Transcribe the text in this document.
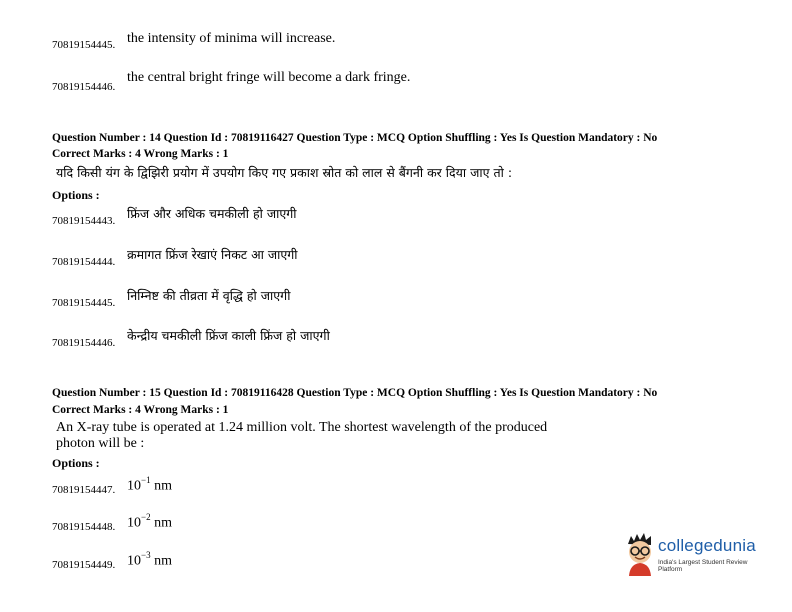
70819154445. the intensity of minima will increase.
70819154446.
the central bright fringe will become a dark fringe.
Question Number : 14 Question Id : 70819116427 Question Type : MCQ Option Shuffling : Yes Is Question Mandatory : No
Correct Marks : 4 Wrong Marks : 1
यदि किसी यंग के द्विझिरी प्रयोग में उपयोग किए गए प्रकाश स्रोत को लाल से बैंगनी कर दिया जाए तो :
Options :
70819154443. फ्रिंज और अधिक चमकीली हो जाएगी
70819154444. क्रमागत फ्रिंज रेखाएं निकट आ जाएगी
70819154445. निम्निष्ट की तीव्रता में वृद्धि हो जाएगी
70819154446. केन्द्रीय चमकीली फ्रिंज काली फ्रिंज हो जाएगी
Question Number : 15 Question Id : 70819116428 Question Type : MCQ Option Shuffling : Yes Is Question Mandatory : No
Correct Marks : 4 Wrong Marks : 1
An X-ray tube is operated at 1.24 million volt. The shortest wavelength of the produced
photon will be :
Options :
70819154447. $10^{-1}$ nm
70819154448. $10^{-2}$ nm
70819154449. $10^{-3}$ nm
collegedunia
India's Largest Student Review Platform
